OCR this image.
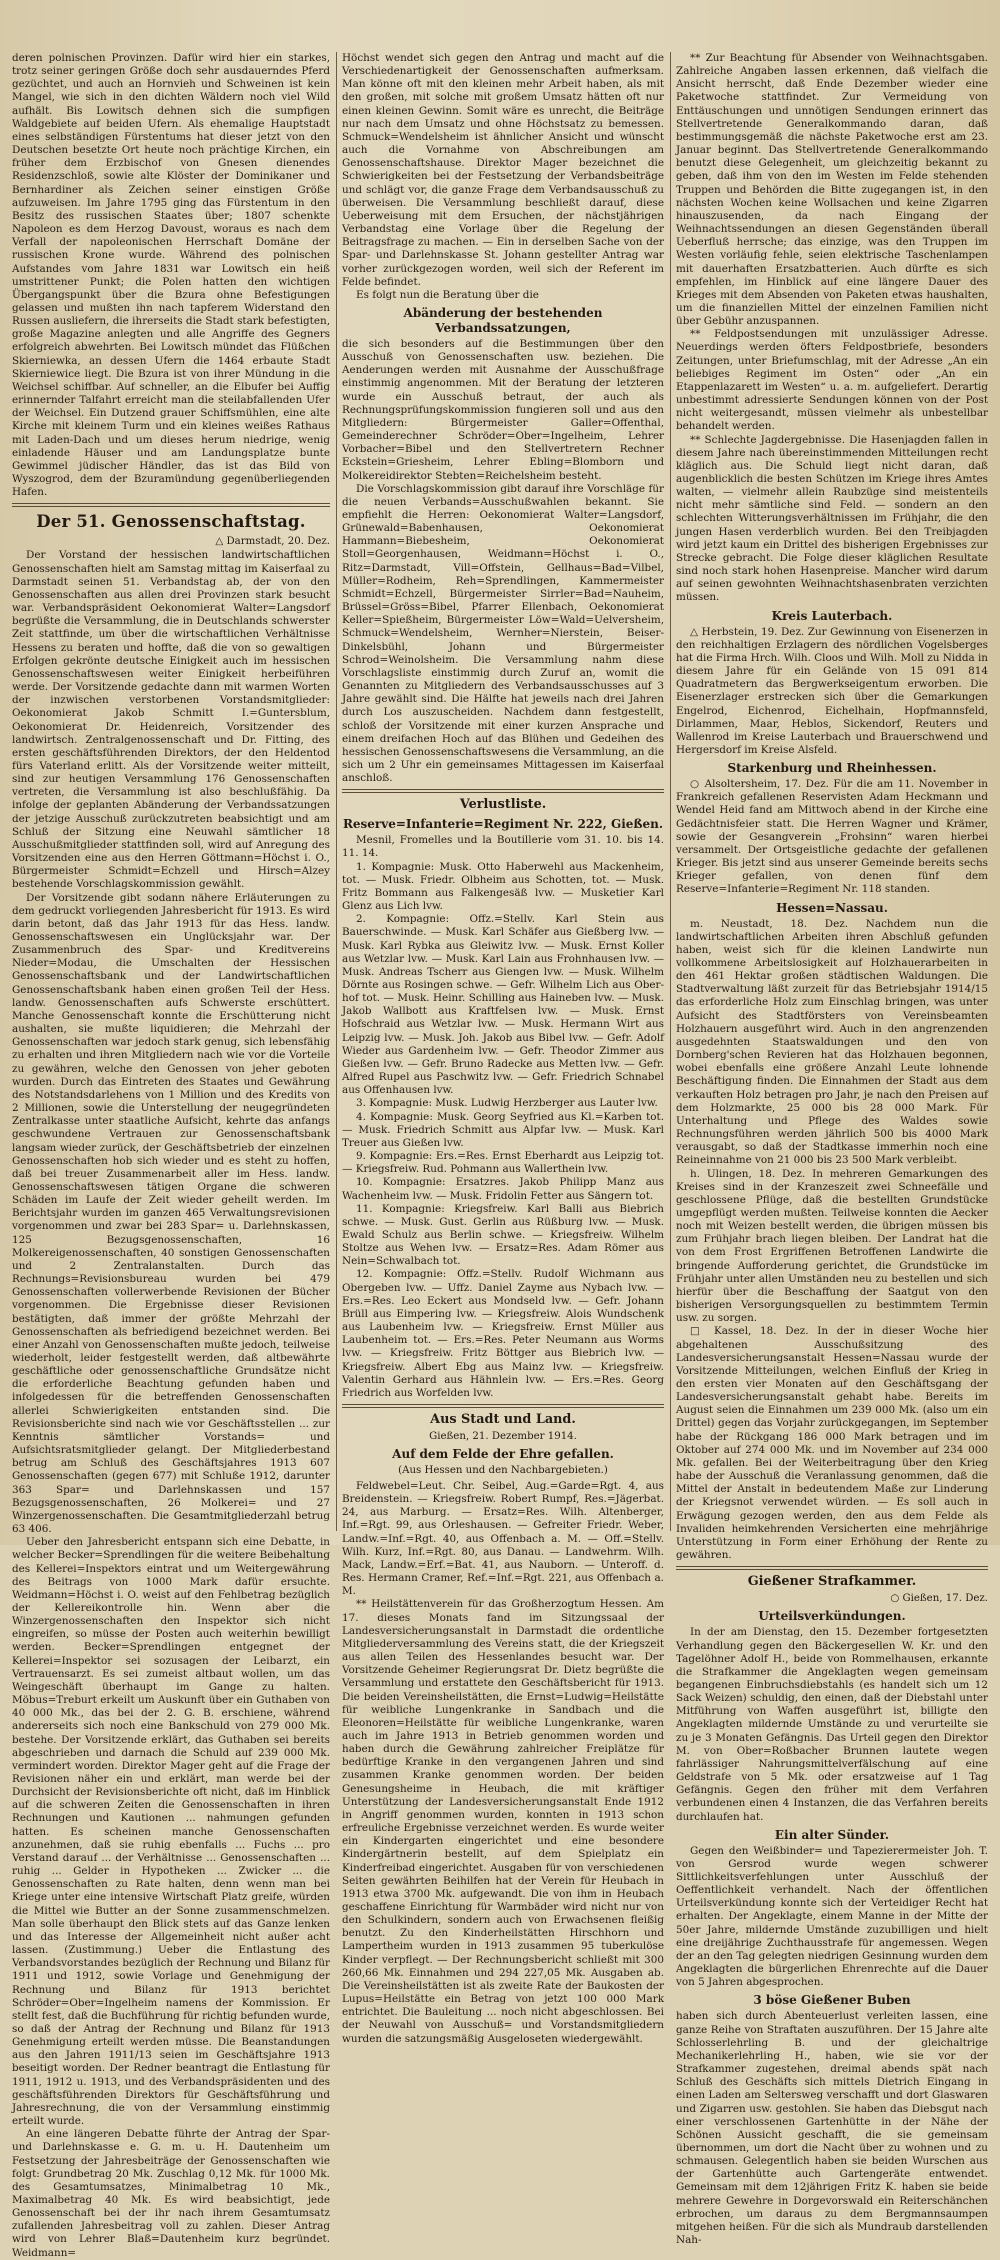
deren polnischen Provinzen. Dafür wird hier ein starkes, trotz seiner geringen Größe doch sehr ausdauerndes Pferd gezüchtet, und auch an Hornvieh und Schweinen ist kein Mangel, wie sich in den dichten Wäldern noch viel Wild aufhält. Bis Lowitsch dehnen sich die sumpfigen Waldgebiete auf beiden Ufern. Als ehemalige Hauptstadt eines selbständigen Fürstentums hat dieser jetzt von den Deutschen besetzte Ort heute noch prächtige Kirchen, ein früher dem Erzbischof von Gnesen dienendes Residenzschloß, sowie alte Klöster der Dominikaner und Bernhardiner als Zeichen seiner einstigen Größe aufzuweisen. Im Jahre 1795 ging das Fürstentum in den Besitz des russischen Staates über; 1807 schenkte Napoleon es dem Herzog Davoust, woraus es nach dem Verfall der napoleonischen Herrschaft Domäne der russischen Krone wurde. Während des polnischen Aufstandes vom Jahre 1831 war Lowitsch ein heiß umstrittener Punkt; die Polen hatten den wichtigen Übergangspunkt über die Bzura ohne Befestigungen gelassen und mußten ihn nach tapferem Widerstand den Russen ausliefern, die ihrerseits die Stadt stark befestigten, große Magazine anlegten und alle Angriffe des Gegners erfolgreich abwehrten. Bei Lowitsch mündet das Flüßchen Skierniewka, an dessen Ufern die 1464 erbaute Stadt Skierniewice liegt. Die Bzura ist von ihrer Mündung in die Weichsel schiffbar. Auf schneller, an die Elbufer bei Auffig erinnernder Talfahrt erreicht man die steilabfallenden Ufer der Weichsel. Ein Dutzend grauer Schiffsmühlen, eine alte Kirche mit kleinem Turm und ein kleines weißes Rathaus mit Laden-Dach und um dieses herum niedrige, wenig einladende Häuser und am Landungsplatze bunte Gewimmel jüdischer Händler, das ist das Bild von Wyszogrod, dem der Bzuramündung gegenüberliegenden Hafen.

Der 51. Genossenschaftstag.
△ Darmstadt, 20. Dez.

Der Vorstand der hessischen landwirtschaftlichen Genossenschaften hielt am Samstag mittag im Kaiserfaal zu Darmstadt seinen 51. Verbandstag ab, der von den Genossenschaften aus allen drei Provinzen stark besucht war. Verbandspräsident Oekonomierat Walter=Langsdorf begrüßte die Versammlung, die in Deutschlands schwerster Zeit stattfinde, um über die wirtschaftlichen Verhältnisse Hessens zu beraten und hoffte, daß die von so gewaltigen Erfolgen gekrönte deutsche Einigkeit auch im hessischen Genossenschaftswesen weiter Einigkeit herbeiführen werde. Der Vorsitzende gedachte dann mit warmen Worten der inzwischen verstorbenen Vorstandsmitglieder: Oekonomierat Jakob Schmitt I.=Guntersblum, Oekonomierat Dr. Heidenreich, Vorsitzender des landwirtsch. Zentralgenossenschaft und Dr. Fitting, des ersten geschäftsführenden Direktors, der den Heldentod fürs Vaterland erlitt. Als der Vorsitzende weiter mitteilt, sind zur heutigen Versammlung 176 Genossenschaften vertreten, die Versammlung ist also beschlußfähig. Da infolge der geplanten Abänderung der Verbandssatzungen der jetzige Ausschuß zurückzutreten beabsichtigt und am Schluß der Sitzung eine Neuwahl sämtlicher 18 Ausschußmitglieder stattfinden soll, wird auf Anregung des Vorsitzenden eine aus den Herren Göttmann=Höchst i. O., Bürgermeister Schmidt=Echzell und Hirsch=Alzey bestehende Vorschlagskommission gewählt.

Der Vorsitzende gibt sodann nähere Erläuterungen zu dem gedruckt vorliegenden Jahresbericht für 1913. Es wird darin betont, daß das Jahr 1913 für das Hess. landw. Genossenschaftswesen ein Unglücksjahr war. Der Zusammenbruch des Spar- und Kreditvereins Nieder=Modau, die Umschalten der Hessischen Genossenschaftsbank und der Landwirtschaftlichen Genossenschaftsbank haben einen großen Teil der Hess. landw. Genossenschaften aufs Schwerste erschüttert. Manche Genossenschaft konnte die Erschütterung nicht aushalten, sie mußte liquidieren; die Mehrzahl der Genossenschaften war jedoch stark genug, sich lebensfähig zu erhalten und ihren Mitgliedern nach wie vor die Vorteile zu gewähren, welche den Genossen von jeher geboten wurden. Durch das Eintreten des Staates und Gewährung des Notstandsdarlehens von 1 Million und des Kredits von 2 Millionen, sowie die Unterstellung der neugegründeten Zentralkasse unter staatliche Aufsicht, kehrte das anfangs geschwundene Vertrauen zur Genossenschaftsbank langsam wieder zurück, der Geschäftsbetrieb der einzelnen Genossenschaften hob sich wieder und es steht zu hoffen, daß bei treuer Zusammenarbeit aller im Hess. landw. Genossenschaftswesen tätigen Organe die schweren Schäden im Laufe der Zeit wieder geheilt werden. Im Berichtsjahr wurden im ganzen 465 Verwaltungsrevisionen vorgenommen und zwar bei 283 Spar= u. Darlehnskassen, 125 Bezugsgenossenschaften, 16 Molkereigenossenschaften, 40 sonstigen Genossenschaften und 2 Zentralanstalten. Durch das Rechnungs=Revisionsbureau wurden bei 479 Genossenschaften vollerwerbende Revisionen der Bücher vorgenommen. Die Ergebnisse dieser Revisionen bestätigten, daß immer der größte Mehrzahl der Genossenschaften als befriedigend bezeichnet werden. Bei einer Anzahl von Genossenschaften mußte jedoch, teilweise wiederholt, leider festgestellt werden, daß altbewährte geschäftliche oder genossenschaftliche Grundsätze nicht die erforderliche Beachtung gefunden haben und infolgedessen für die betreffenden Genossenschaften allerlei Schwierigkeiten entstanden sind. Die Revisionsberichte sind nach wie vor Geschäftsstellen ... zur Kenntnis sämtlicher Vorstands= und Aufsichtsratsmitglieder gelangt. Der Mitgliederbestand betrug am Schluß des Geschäftsjahres 1913 607 Genossenschaften (gegen 677) mit Schluße 1912, darunter 363 Spar= und Darlehnskassen und 157 Bezugsgenossenschaften, 26 Molkerei= und 27 Winzergenossenschaften. Die Gesamtmitgliederzahl betrug 63 406.

Ueber den Jahresbericht entspann sich eine Debatte, in welcher Becker=Sprendlingen für die weitere Beibehaltung des Kellerei=Inspektors eintrat und um Weitergewährung des Beitrags von 1000 Mark dafür ersuchte. Weidmann=Höchst i. O. weist auf den Fehlbetrag bezüglich der Kellereikontrolle hin. Wenn aber die Winzergenossenschaften den Inspektor sich nicht eingreifen, so müsse der Posten auch weiterhin bewilligt werden. Becker=Sprendlingen entgegnet der Kellerei=Inspektor sei sozusagen der Leibarzt, ein Vertrauensarzt. Es sei zumeist altbaut wollen, um das Weingeschäft überhaupt im Gange zu halten. Möbus=Treburt erkeilt um Auskunft über ein Guthaben von 40 000 Mk., das bei der 2. G. B. erschiene, während andererseits sich noch eine Bankschuld von 279 000 Mk. bestehe. Der Vorsitzende erklärt, das Guthaben sei bereits abgeschrieben und darnach die Schuld auf 239 000 Mk. vermindert worden. Direktor Mager geht auf die Frage der Revisionen näher ein und erklärt, man werde bei der Durchsicht der Revisionsberichte oft nicht, daß im Hinblick auf die schweren Zeiten die Genossenschaften in ihren Rechnungen und Kautionen ... nahmungen gefunden hatten. Es scheinen manche Genossenschaften anzunehmen, daß sie ruhig ebenfalls ... Fuchs ... pro Verstand darauf ... der Verhältnisse ... Genossenschaften ... ruhig ... Gelder in Hypotheken ... Zwicker ... die Genossenschaften zu Rate halten, denn wenn man bei Kriege unter eine intensive Wirtschaft Platz greife, würden die Mittel wie Butter an der Sonne zusammenschmelzen. Man solle überhaupt den Blick stets auf das Ganze lenken und das Interesse der Allgemeinheit nicht außer acht lassen. (Zustimmung.) Ueber die Entlastung des Verbandsvorstandes bezüglich der Rechnung und Bilanz für 1911 und 1912, sowie Vorlage und Genehmigung der Rechnung und Bilanz für 1913 berichtet Schröder=Ober=Ingelheim namens der Kommission. Er stellt fest, daß die Buchführung für richtig befunden wurde, so daß der Antrag der Rechnung und Bilanz für 1913 Genehmigung erteilt werden müsse. Die Beanstandungen aus den Jahren 1911/13 seien im Geschäftsjahre 1913 beseitigt worden. Der Redner beantragt die Entlastung für 1911, 1912 u. 1913, und des Verbandspräsidenten und des geschäftsführenden Direktors für Geschäftsführung und Jahresrechnung, die von der Versammlung einstimmig erteilt wurde.

An eine längeren Debatte führte der Antrag der Spar- und Darlehnskasse e. G. m. u. H. Dautenheim um Festsetzung der Jahresbeiträge der Genossenschaften wie folgt: Grundbetrag 20 Mk. Zuschlag 0,12 Mk. für 1000 Mk. des Gesamtumsatzes, Minimalbetrag 10 Mk., Maximalbetrag 40 Mk. Es wird beabsichtigt, jede Genossenschaft bei der ihr nach ihrem Gesamtumsatz zufallenden Jahresbeitrag voll zu zahlen. Dieser Antrag wird von Lehrer Blaß=Dautenheim kurz begründet. Weidmann=

Höchst wendet sich gegen den Antrag und macht auf die Verschiedenartigkeit der Genossenschaften aufmerksam. Man könne oft mit den kleinen mehr Arbeit haben, als mit den großen, mit solche mit großem Umsatz hätten oft nur einen kleinen Gewinn. Somit wäre es unrecht, die Beiträge nur nach dem Umsatz und ohne Höchstsatz zu bemessen. Schmuck=Wendelsheim ist ähnlicher Ansicht und wünscht auch die Vornahme von Abschreibungen am Genossenschaftshause. Direktor Mager bezeichnet die Schwierigkeiten bei der Festsetzung der Verbandsbeiträge und schlägt vor, die ganze Frage dem Verbandsausschuß zu überweisen. Die Versammlung beschließt darauf, diese Ueberweisung mit dem Ersuchen, der nächstjährigen Verbandstag eine Vorlage über die Regelung der Beitragsfrage zu machen. — Ein in derselben Sache von der Spar- und Darlehnskasse St. Johann gestellter Antrag war vorher zurückgezogen worden, weil sich der Referent im Felde befindet.

Es folgt nun die Beratung über die

Abänderung der bestehenden Verbandssatzungen,

die sich besonders auf die Bestimmungen über den Ausschuß von Genossenschaften usw. beziehen. Die Aenderungen werden mit Ausnahme der Ausschußfrage einstimmig angenommen. Mit der Beratung der letzteren wurde ein Ausschuß betraut, der auch als Rechnungsprüfungskommission fungieren soll und aus den Mitgliedern: Bürgermeister Galler=Offenthal, Gemeinderechner Schröder=Ober=Ingelheim, Lehrer Vorbacher=Bibel und den Stellvertretern Rechner Eckstein=Griesheim, Lehrer Ebling=Blomborn und Molkereidirektor Stebten=Reichelsheim besteht.

Die Vorschlagskommission gibt darauf ihre Vorschläge für die neuen Verbands=Ausschußwahlen bekannt. Sie empfiehlt die Herren: Oekonomierat Walter=Langsdorf, Grünewald=Babenhausen, Oekonomierat Hammann=Biebesheim, Oekonomierat Stoll=Georgenhausen, Weidmann=Höchst i. O., Ritz=Darmstadt, Vill=Offstein, Gellhaus=Bad=Vilbel, Müller=Rodheim, Reh=Sprendlingen, Kammermeister Schmidt=Echzell, Bürgermeister Sirrler=Bad=Nauheim, Brüssel=Gröss=Bibel, Pfarrer Ellenbach, Oekonomierat Keller=Spießheim, Bürgermeister Löw=Wald=Uelversheim, Schmuck=Wendelsheim, Wernher=Nierstein, Beiser-Dinkelsbühl, Johann und Bürgermeister Schrod=Weinolsheim. Die Versammlung nahm diese Vorschlagsliste einstimmig durch Zuruf an, womit die Genannten zu Mitgliedern des Verbandsausschusses auf 3 Jahre gewählt sind. Die Hälfte hat jeweils nach drei Jahren durch Los auszuscheiden. Nachdem dann festgestellt, schloß der Vorsitzende mit einer kurzen Ansprache und einem dreifachen Hoch auf das Blühen und Gedeihen des hessischen Genossenschaftswesens die Versammlung, an die sich um 2 Uhr ein gemeinsames Mittagessen im Kaiserfaal anschloß.

Verlustliste.
Reserve=Infanterie=Regiment Nr. 222, Gießen.

Mesnil, Fromelles und la Boutillerie vom 31. 10. bis 14. 11. 14.

1. Kompagnie: Musk. Otto Haberwehl aus Mackenheim, tot. — Musk. Friedr. Olbheim aus Schotten, tot. — Musk. Fritz Bommann aus Falkengesäß lvw. — Musketier Karl Glenz aus Lich lvw.

2. Kompagnie: Offz.=Stellv. Karl Stein aus Bauerschwinde. — Musk. Karl Schäfer aus Gießberg lvw. — Musk. Karl Rybka aus Gleiwitz lvw. — Musk. Ernst Koller aus Wetzlar lvw. — Musk. Karl Lain aus Frohnhausen lvw. — Musk. Andreas Tscherr aus Giengen lvw. — Musk. Wilhelm Dörnte aus Rosingen schwe. — Gefr. Wilhelm Lich aus Ober-hof tot. — Musk. Heinr. Schilling aus Haineben lvw. — Musk. Jakob Wallbott aus Kraftfelsen lvw. — Musk. Ernst Hofschraid aus Wetzlar lvw. — Musk. Hermann Wirt aus Leipzig lvw. — Musk. Joh. Jakob aus Bibel lvw. — Gefr. Adolf Wieder aus Gardenheim lvw. — Gefr. Theodor Zimmer aus Gießen lvw. — Gefr. Bruno Radecke aus Metten lvw. — Gefr. Alfred Rupel aus Paschwitz lvw. — Gefr. Friedrich Schnabel aus Offenhausen lvw.

3. Kompagnie: Musk. Ludwig Herzberger aus Lauter lvw.

4. Kompagnie: Musk. Georg Seyfried aus Kl.=Karben tot. — Musk. Friedrich Schmitt aus Alpfar lvw. — Musk. Karl Treuer aus Gießen lvw.

9. Kompagnie: Ers.=Res. Ernst Eberhardt aus Leipzig tot. — Kriegsfreiw. Rud. Pohmann aus Wallerthein lvw.

10. Kompagnie: Ersatzres. Jakob Philipp Manz aus Wachenheim lvw. — Musk. Fridolin Fetter aus Sängern tot.

11. Kompagnie: Kriegsfreiw. Karl Balli aus Biebrich schwe. — Musk. Gust. Gerlin aus Rüßburg lvw. — Musk. Ewald Schulz aus Berlin schwe. — Kriegsfreiw. Wilhelm Stoltze aus Wehen lvw. — Ersatz=Res. Adam Römer aus Nein=Schwalbach tot.

12. Kompagnie: Offz.=Stellv. Rudolf Wichmann aus Obergeben lvw. — Uffz. Daniel Zayme aus Nybach lvw. — Ers.=Res. Leo Eckert aus Mondseld lvw. — Gefr. Johann Brüll aus Eimpering lvw. — Kriegsfreiw. Alois Wundschenk aus Laubenheim lvw. — Kriegsfreiw. Ernst Müller aus Laubenheim tot. — Ers.=Res. Peter Neumann aus Worms lvw. — Kriegsfreiw. Fritz Böttger aus Biebrich lvw. — Kriegsfreiw. Albert Ebg aus Mainz lvw. — Kriegsfreiw. Valentin Gerhard aus Hähnlein lvw. — Ers.=Res. Georg Friedrich aus Worfelden lvw.

Aus Stadt und Land.
Gießen, 21. Dezember 1914.
Auf dem Felde der Ehre gefallen.
(Aus Hessen und den Nachbargebieten.)

Feldwebel=Leut. Chr. Seibel, Aug.=Garde=Rgt. 4, aus Breidenstein. — Kriegsfreiw. Robert Rumpf, Res.=Jägerbat. 24, aus Marburg. — Ersatz=Res. Wilh. Altenberger, Inf.=Rgt. 99, aus Orleshausen. — Gefreiter Friedr. Weber, Landw.=Inf.=Rgt. 40, aus Offenbach a. M. — Off.=Stellv. Wilh. Kurz, Inf.=Rgt. 80, aus Danau. — Landwehrm. Wilh. Mack, Landw.=Erf.=Bat. 41, aus Nauborn. — Unteroff. d. Res. Hermann Cramer, Ref.=Inf.=Rgt. 221, aus Offenbach a. M.

** Heilstättenverein für das Großherzogtum Hessen. Am 17. dieses Monats fand im Sitzungssaal der Landesversicherungsanstalt in Darmstadt die ordentliche Mitgliederversammlung des Vereins statt, die der Kriegszeit aus allen Teilen des Hessenlandes besucht war. Der Vorsitzende Geheimer Regierungsrat Dr. Dietz begrüßte die Versammlung und erstattete den Geschäftsbericht für 1913. Die beiden Vereinsheilstätten, die Ernst=Ludwig=Heilstätte für weibliche Lungenkranke in Sandbach und die Eleonoren=Heilstätte für weibliche Lungenkranke, waren auch im Jahre 1913 in Betrieb genommen worden und haben durch die Gewährung zahlreicher Freiplätze für bedürftige Kranke in den vergangenen Jahren und sind zusammen Kranke genommen worden. Der beiden Genesungsheime in Heubach, die mit kräftiger Unterstützung der Landesversicherungsanstalt Ende 1912 in Angriff genommen wurden, konnten in 1913 schon erfreuliche Ergebnisse verzeichnet werden. Es wurde weiter ein Kindergarten eingerichtet und eine besondere Kindergärtnerin bestellt, auf dem Spielplatz ein Kinderfreibad eingerichtet. Ausgaben für von verschiedenen Seiten gewährten Beihilfen hat der Verein für Heubach in 1913 etwa 3700 Mk. aufgewandt. Die von ihm in Heubach geschaffene Einrichtung für Warmbäder wird nicht nur von den Schulkindern, sondern auch von Erwachsenen fleißig benutzt. Zu den Kinderheilstätten Hirschhorn und Lampertheim wurden in 1913 zusammen 95 tuberkulöse Kinder verpflegt. — Der Rechnungsbericht schließt mit 300 260,66 Mk. Einnahmen und 294 227,05 Mk. Ausgaben ab. Die Vereinsheilstätten ist als zweite Rate der Baukosten der Lupus=Heilstätte ein Betrag von jetzt 100 000 Mark entrichtet. Die Bauleitung ... noch nicht abgeschlossen. Bei der Neuwahl von Ausschuß= und Vorstandsmitgliedern wurden die satzungsmäßig Ausgeloseten wiedergewählt.

** Zur Beachtung für Absender von Weihnachtsgaben. Zahlreiche Angaben lassen erkennen, daß vielfach die Ansicht herrscht, daß Ende Dezember wieder eine Paketwoche stattfindet. Zur Vermeidung von Enttäuschungen und unnötigen Sendungen erinnert das Stellvertretende Generalkommando daran, daß bestimmungsgemäß die nächste Paketwoche erst am 23. Januar beginnt. Das Stellvertretende Generalkommando benutzt diese Gelegenheit, um gleichzeitig bekannt zu geben, daß ihm von den im Westen im Felde stehenden Truppen und Behörden die Bitte zugegangen ist, in den nächsten Wochen keine Wollsachen und keine Zigarren hinauszusenden, da nach Eingang der Weihnachtssendungen an diesen Gegenständen überall Ueberfluß herrsche; das einzige, was den Truppen im Westen vorläufig fehle, seien elektrische Taschenlampen mit dauerhaften Ersatzbatterien. Auch dürfte es sich empfehlen, im Hinblick auf eine längere Dauer des Krieges mit dem Absenden von Paketen etwas haushalten, um die finanziellen Mittel der einzelnen Familien nicht über Gebühr anzuspannen.

** Feldpostsendungen mit unzulässiger Adresse. Neuerdings werden öfters Feldpostbriefe, besonders Zeitungen, unter Briefumschlag, mit der Adresse „An ein beliebiges Regiment im Osten“ oder „An ein Etappenlazarett im Westen“ u. a. m. aufgeliefert. Derartig unbestimmt adressierte Sendungen können von der Post nicht weitergesandt, müssen vielmehr als unbestellbar behandelt werden.

** Schlechte Jagdergebnisse. Die Hasenjagden fallen in diesem Jahre nach übereinstimmenden Mitteilungen recht kläglich aus. Die Schuld liegt nicht daran, daß augenblicklich die besten Schützen im Kriege ihres Amtes walten, — vielmehr allein Raubzüge sind meistenteils nicht mehr sämtliche sind Feld. — sondern an den schlechten Witterungsverhältnissen im Frühjahr, die den jungen Hasen verderblich wurden. Bei den Treibjagden wird jetzt kaum ein Drittel des bisherigen Ergebnisses zur Strecke gebracht. Die Folge dieser kläglichen Resultate sind noch stark hohen Hasenpreise. Mancher wird darum auf seinen gewohnten Weihnachtshasenbraten verzichten müssen.

Kreis Lauterbach.

△ Herbstein, 19. Dez. Zur Gewinnung von Eisenerzen in den reichhaltigen Erzlagern des nördlichen Vogelsberges hat die Firma Hrch. Wilh. Cloos und Wilh. Moll zu Nidda in diesem Jahre für ein Gelände von 15 091 814 Quadratmetern das Bergwerkseigentum erworben. Die Eisenerzlager erstrecken sich über die Gemarkungen Engelrod, Eichenrod, Eichelhain, Hopfmannsfeld, Dirlammen, Maar, Heblos, Sickendorf, Reuters und Wallenrod im Kreise Lauterbach und Brauerschwend und Hergersdorf im Kreise Alsfeld.

Starkenburg und Rheinhessen.

○ Alsoltersheim, 17. Dez. Für die am 11. November in Frankreich gefallenen Reservisten Adam Heckmann und Wendel Heid fand am Mittwoch abend in der Kirche eine Gedächtnisfeier statt. Die Herren Wagner und Krämer, sowie der Gesangverein „Frohsinn“ waren hierbei versammelt. Der Ortsgeistliche gedachte der gefallenen Krieger. Bis jetzt sind aus unserer Gemeinde bereits sechs Krieger gefallen, von denen fünf dem Reserve=Infanterie=Regiment Nr. 118 standen.

Hessen=Nassau.

m. Neustadt, 18. Dez. Nachdem nun die landwirtschaftlichen Arbeiten ihren Abschluß gefunden haben, weist sich für die kleinen Landwirte nun vollkommene Arbeitslosigkeit auf Holzhauerarbeiten in den 461 Hektar großen städtischen Waldungen. Die Stadtverwaltung läßt zurzeit für das Betriebsjahr 1914/15 das erforderliche Holz zum Einschlag bringen, was unter Aufsicht des Stadtförsters von Vereinsbeamten Holzhauern ausgeführt wird. Auch in den angrenzenden ausgedehnten Staatswaldungen und den von Dornberg'schen Revieren hat das Holzhauen begonnen, wobei ebenfalls eine größere Anzahl Leute lohnende Beschäftigung finden. Die Einnahmen der Stadt aus dem verkauften Holz betragen pro Jahr, je nach den Preisen auf dem Holzmarkte, 25 000 bis 28 000 Mark. Für Unterhaltung und Pflege des Waldes sowie Rechnungsführen werden jährlich 500 bis 4000 Mark verausgabt, so daß der Stadtkasse immerhin noch eine Reineinnahme von 21 000 bis 23 500 Mark verbleibt.

h. Ulingen, 18. Dez. In mehreren Gemarkungen des Kreises sind in der Kranzeszeit zwei Schneefälle und geschlossene Pflüge, daß die bestellten Grundstücke umgepflügt werden mußten. Teilweise konnten die Aecker noch mit Weizen bestellt werden, die übrigen müssen bis zum Frühjahr brach liegen bleiben. Der Landrat hat die von dem Frost Ergriffenen Betroffenen Landwirte die bringende Aufforderung gerichtet, die Grundstücke im Frühjahr unter allen Umständen neu zu bestellen und sich hierfür über die Beschaffung der Saatgut von den bisherigen Versorgungsquellen zu bestimmtem Termin usw. zu sorgen.

□ Kassel, 18. Dez. In der in dieser Woche hier abgehaltenen Ausschußsitzung des Landesversicherungsanstalt Hessen=Nassau wurde der Vorsitzende Mitteilungen, welchen Einfluß der Krieg in den ersten vier Monaten auf den Geschäftsgang der Landesversicherungsanstalt gehabt habe. Bereits im August seien die Einnahmen um 239 000 Mk. (also um ein Drittel) gegen das Vorjahr zurückgegangen, im September habe der Rückgang 186 000 Mark betragen und im Oktober auf 274 000 Mk. und im November auf 234 000 Mk. gefallen. Bei der Weiterbeitragung über den Krieg habe der Ausschuß die Veranlassung genommen, daß die Mittel der Anstalt in bedeutendem Maße zur Linderung der Kriegsnot verwendet würden. — Es soll auch in Erwägung gezogen werden, den aus dem Felde als Invaliden heimkehrenden Versicherten eine mehrjährige Unterstützung in Form einer Erhöhung der Rente zu gewähren.

Gießener Strafkammer.
○ Gießen, 17. Dez.
Urteilsverkündungen.

In der am Dienstag, den 15. Dezember fortgesetzten Verhandlung gegen den Bäckergesellen W. Kr. und den Tagelöhner Adolf H., beide von Rommelhausen, erkannte die Strafkammer die Angeklagten wegen gemeinsam begangenen Einbruchsdiebstahls (es handelt sich um 12 Sack Weizen) schuldig, den einen, daß der Diebstahl unter Mitführung von Waffen ausgeführt ist, billigte den Angeklagten mildernde Umstände zu und verurteilte sie zu je 3 Monaten Gefängnis. Das Urteil gegen den Direktor M. von Ober=Roßbacher Brunnen lautete wegen fahrlässiger Nahrungsmittelverfälschung auf eine Geldstrafe von 5 Mk. oder ersatzweise auf 1 Tag Gefängnis. Gegen den früher mit dem Verfahren verbundenen einen 4 Instanzen, die das Verfahren bereits durchlaufen hat.

Ein alter Sünder.

Gegen den Weißbinder= und Tapezierermeister Joh. T. von Gersrod wurde wegen schwerer Sittlichkeitsverfehlungen unter Ausschluß der Oeffentlichkeit verhandelt. Nach der öffentlichen Urteilsverkündung konnte sich der Verteidiger Recht hat erhalten. Der Angeklagte, einem Manne in der Mitte der 50er Jahre, mildernde Umstände zuzubilligen und hielt eine dreijährige Zuchthausstrafe für angemessen. Wegen der an den Tag gelegten niedrigen Gesinnung wurden dem Angeklagten die bürgerlichen Ehrenrechte auf die Dauer von 5 Jahren abgesprochen.

3 böse Gießener Buben

haben sich durch Abenteuerlust verleiten lassen, eine ganze Reihe von Straftaten auszuführen. Der 15 Jahre alte Schlosserlehrling B. und der gleichaltrige Mechanikerlehrling H., haben, wie sie vor der Strafkammer zugestehen, dreimal abends spät nach Schluß des Geschäfts sich mittels Dietrich Eingang in einen Laden am Seltersweg verschafft und dort Glaswaren und Zigarren usw. gestohlen. Sie haben das Diebsgut nach einer verschlossenen Gartenhütte in der Nähe der Schönen Aussicht geschafft, die sie gemeinsam übernommen, um dort die Nacht über zu wohnen und zu schmausen. Gelegentlich haben sie beiden Wurschen aus der Gartenhütte auch Gartengeräte entwendet. Gemeinsam mit dem 12jährigen Fritz K. haben sie beide mehrere Gewehre in Dorgevorswald ein Reiterschänchen erbrochen, um daraus zu dem Bergmannsaumpen mitgehen heißen. Für die sich als Mundraub darstellenden Nah-
